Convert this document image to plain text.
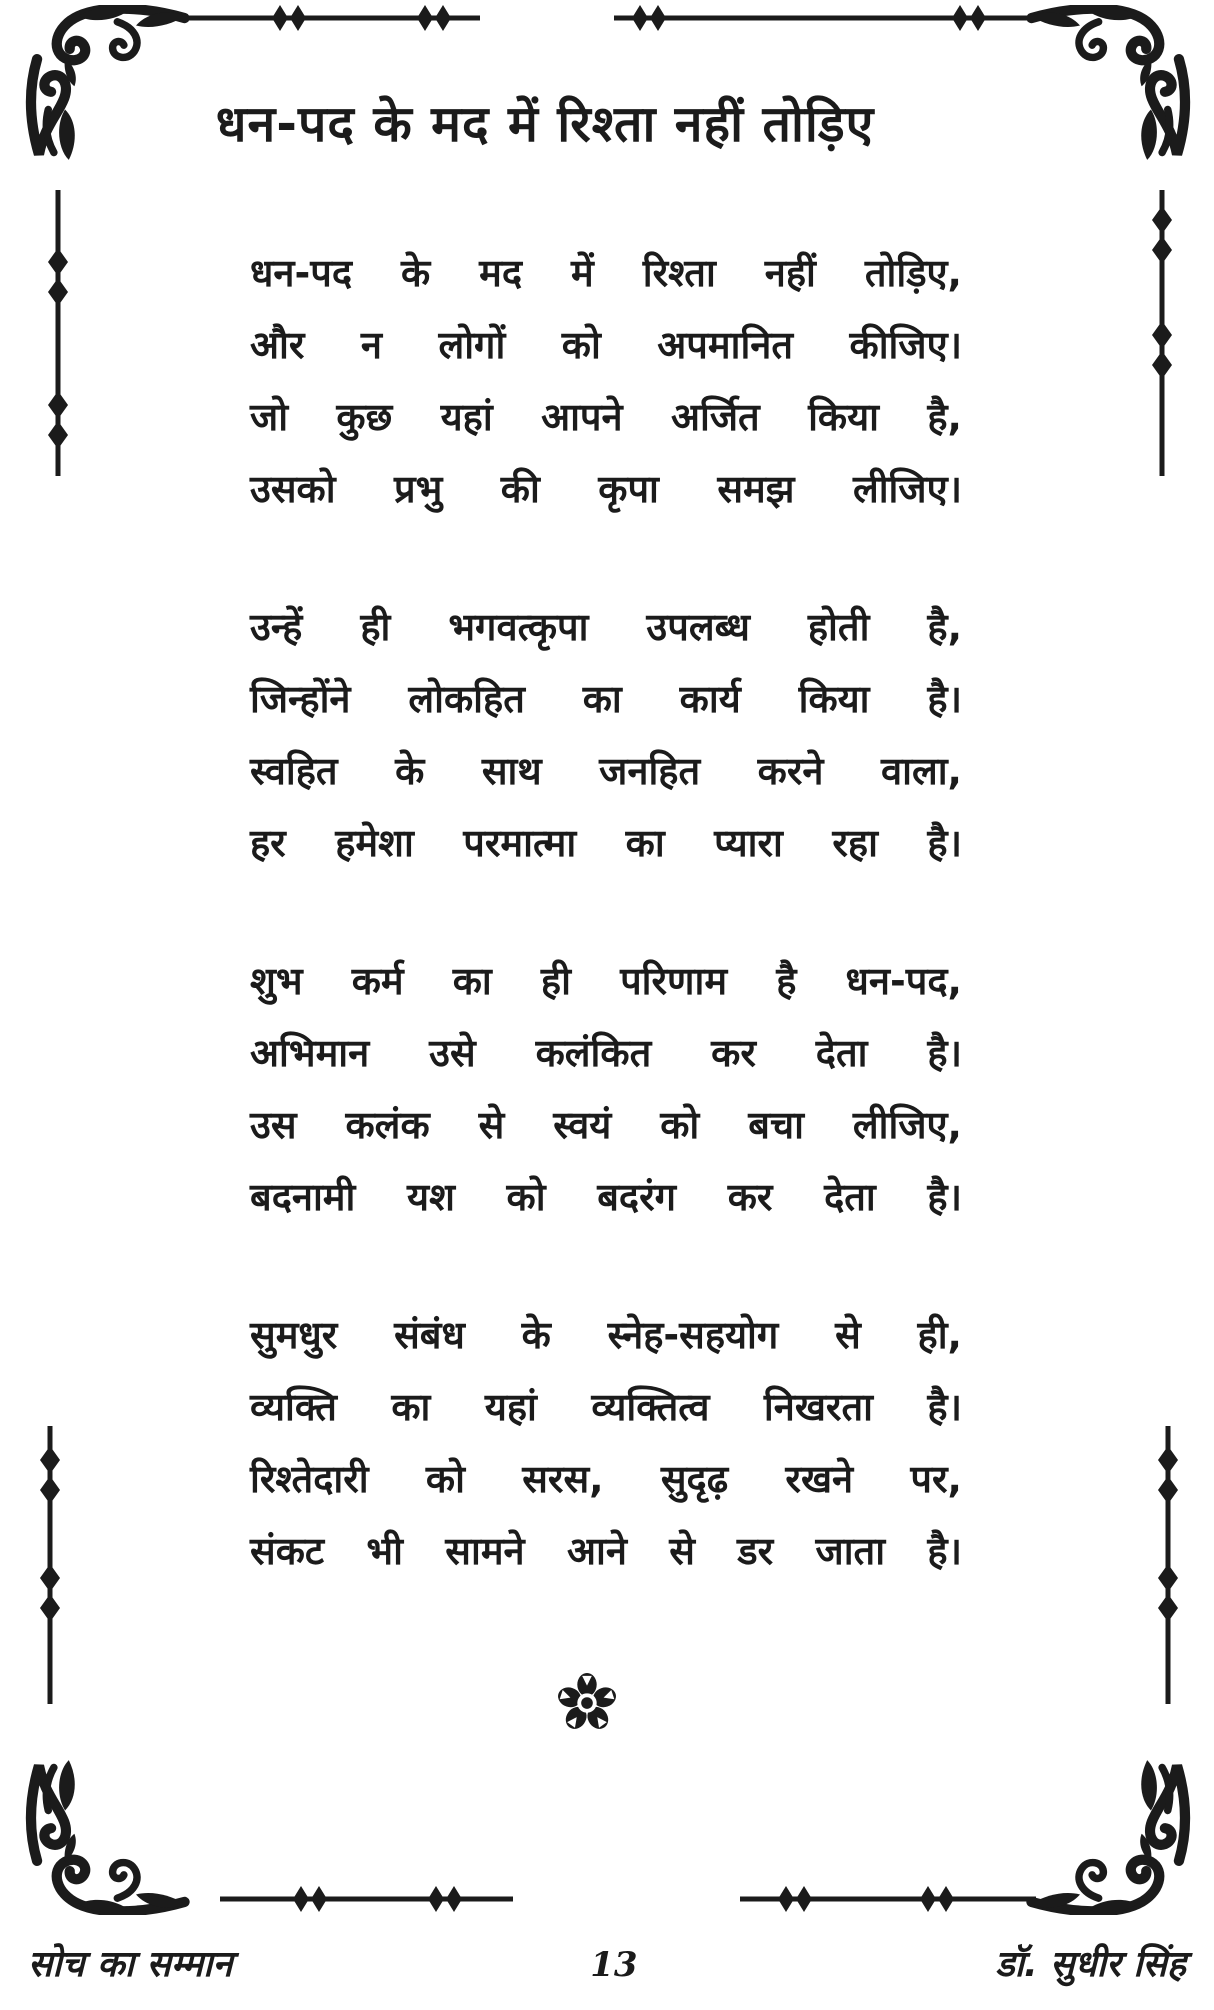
धन-पद के मद में रिश्ता नहीं तोड़िए
धन-पद के मद में रिश्ता नहीं तोड़िए,
और न लोगों को अपमानित कीजिए।
जो कुछ यहां आपने अर्जित किया है,
उसको प्रभु की कृपा समझ लीजिए।
उन्हें ही भगवत्कृपा उपलब्ध होती है,
जिन्होंने लोकहित का कार्य किया है।
स्वहित के साथ जनहित करने वाला,
हर हमेशा परमात्मा का प्यारा रहा है।
शुभ कर्म का ही परिणाम है धन-पद,
अभिमान उसे कलंकित कर देता है।
उस कलंक से स्वयं को बचा लीजिए,
बदनामी यश को बदरंग कर देता है।
सुमधुर संबंध के स्नेह-सहयोग से ही,
व्यक्ति का यहां व्यक्तित्व निखरता है।
रिश्तेदारी को सरस, सुदृढ़ रखने पर,
संकट भी सामने आने से डर जाता है।
सोच का सम्मान	13	डॉ. सुधीर सिंह
